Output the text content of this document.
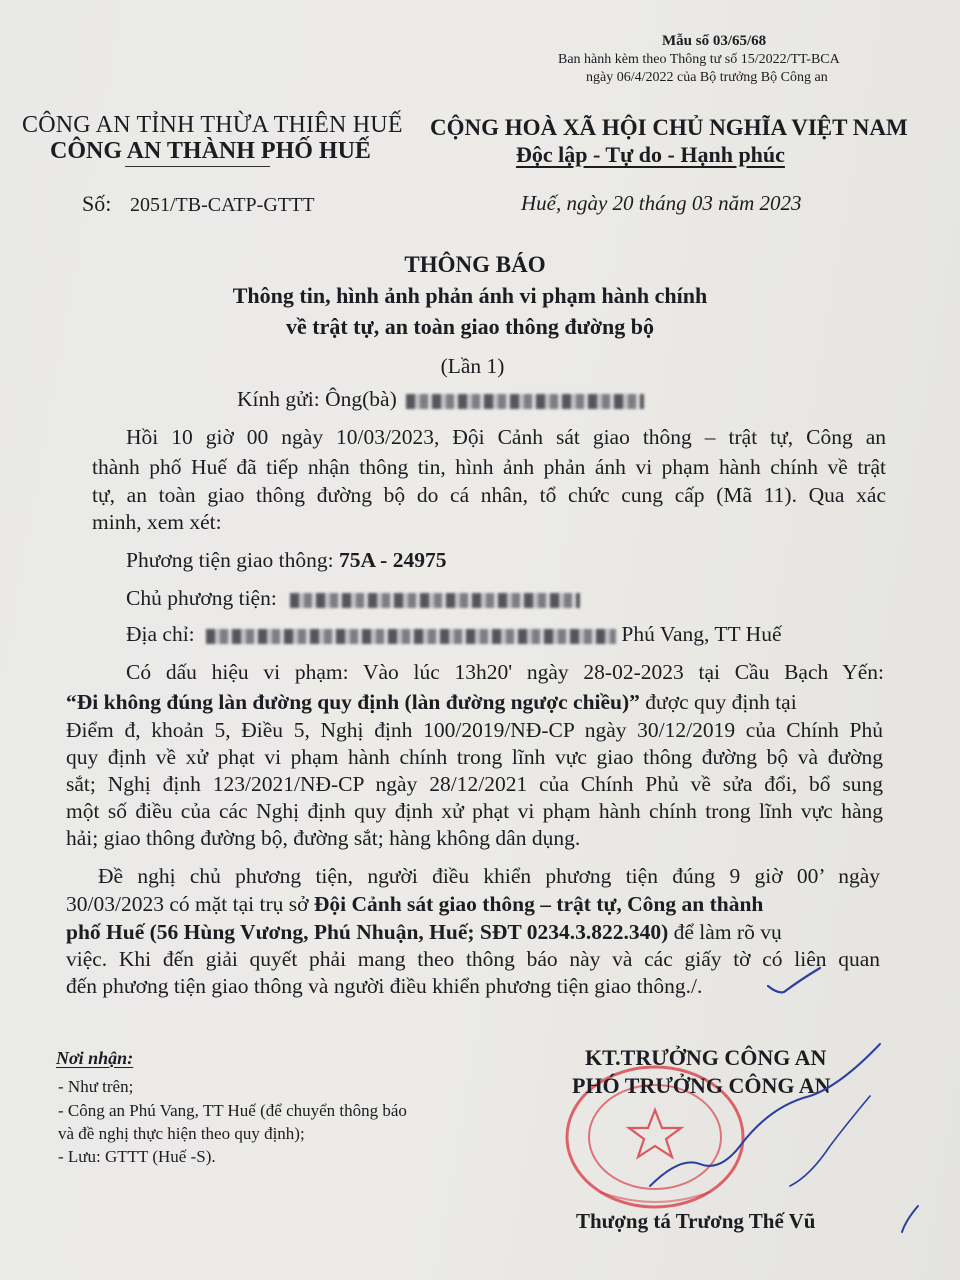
Mẫu số 03/65/68
Ban hành kèm theo Thông tư số 15/2022/TT-BCA
ngày 06/4/2022 của Bộ trưởng Bộ Công an
CÔNG AN TỈNH THỪA THIÊN HUẾ
CÔNG AN THÀNH PHỐ HUẾ
CỘNG HOÀ XÃ HỘI CHỦ NGHĨA VIỆT NAM
Độc lập - Tự do - Hạnh phúc
Số: 2051/TB-CATP-GTTT	Huế, ngày 20 tháng 03 năm 2023
THÔNG BÁO
Thông tin, hình ảnh phản ánh vi phạm hành chính
về trật tự, an toàn giao thông đường bộ
(Lần 1)
Kính gửi: Ông(bà)
Hồi 10 giờ 00 ngày 10/03/2023, Đội Cảnh sát giao thông – trật tự, Công an

thành phố Huế đã tiếp nhận thông tin, hình ảnh phản ánh vi phạm hành chính về trật
tự, an toàn giao thông đường bộ do cá nhân, tổ chức cung cấp (Mã 11). Qua xác
minh, xem xét:
Phương tiện giao thông: 75A - 24975
Chủ phương tiện:
Địa chỉ:	Phú Vang, TT Huế
Có dấu hiệu vi phạm: Vào lúc 13h20' ngày 28-02-2023 tại Cầu Bạch Yến:
“Đi không đúng làn đường quy định (làn đường ngược chiều)” được quy định tại
Điểm đ, khoản 5, Điều 5, Nghị định 100/2019/NĐ-CP ngày 30/12/2019 của Chính Phủ
quy định về xử phạt vi phạm hành chính trong lĩnh vực giao thông đường bộ và đường
sắt; Nghị định 123/2021/NĐ-CP ngày 28/12/2021 của Chính Phủ về sửa đổi, bổ sung
một số điều của các Nghị định quy định xử phạt vi phạm hành chính trong lĩnh vực hàng
hải; giao thông đường bộ, đường sắt; hàng không dân dụng.
Đề nghị chủ phương tiện, người điều khiển phương tiện đúng 9 giờ 00’ ngày
30/03/2023 có mặt tại trụ sở Đội Cảnh sát giao thông – trật tự, Công an thành
phố Huế (56 Hùng Vương, Phú Nhuận, Huế; SĐT 0234.3.822.340) để làm rõ vụ
việc. Khi đến giải quyết phải mang theo thông báo này và các giấy tờ có liên quan
đến phương tiện giao thông và người điều khiển phương tiện giao thông./.
Nơi nhận:
- Như trên;
- Công an Phú Vang, TT Huế (để chuyển thông báo
và đề nghị thực hiện theo quy định);
- Lưu: GTTT (Huế -S).
KT.TRƯỞNG CÔNG AN
PHÓ TRƯỞNG CÔNG AN
Thượng tá Trương Thế Vũ
